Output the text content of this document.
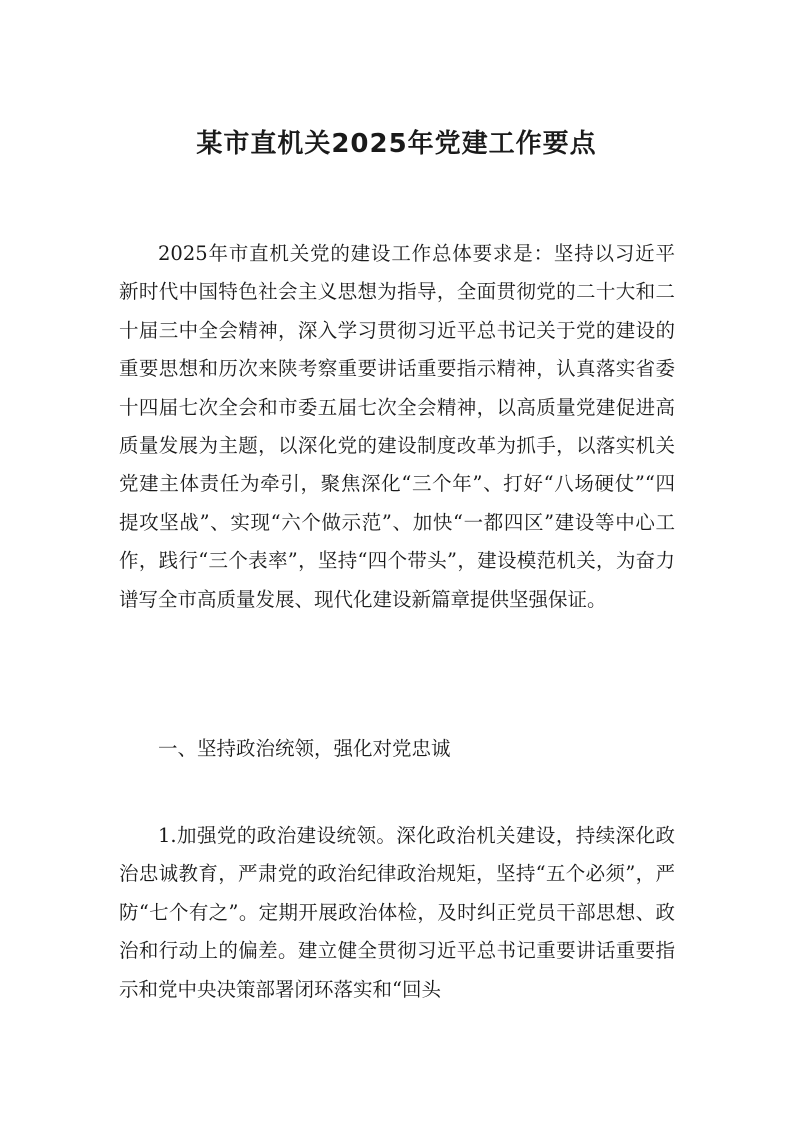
某市直机关2025年党建工作要点

2025年市直机关党的建设工作总体要求是：坚持以习近平新时代中国特色社会主义思想为指导，全面贯彻党的二十大和二十届三中全会精神，深入学习贯彻习近平总书记关于党的建设的重要思想和历次来陕考察重要讲话重要指示精神，认真落实省委十四届七次全会和市委五届七次全会精神，以高质量党建促进高质量发展为主题，以深化党的建设制度改革为抓手，以落实机关党建主体责任为牵引，聚焦深化“三个年”、打好“八场硬仗”“四提攻坚战”、实现“六个做示范”、加快“一都四区”建设等中心工作，践行“三个表率”，坚持“四个带头”，建设模范机关，为奋力谱写全市高质量发展、现代化建设新篇章提供坚强保证。

一、坚持政治统领，强化对党忠诚

1.加强党的政治建设统领。深化政治机关建设，持续深化政治忠诚教育，严肃党的政治纪律政治规矩，坚持“五个必须”，严防“七个有之”。定期开展政治体检，及时纠正党员干部思想、政治和行动上的偏差。建立健全贯彻习近平总书记重要讲话重要指示和党中央决策部署闭环落实和“回头
